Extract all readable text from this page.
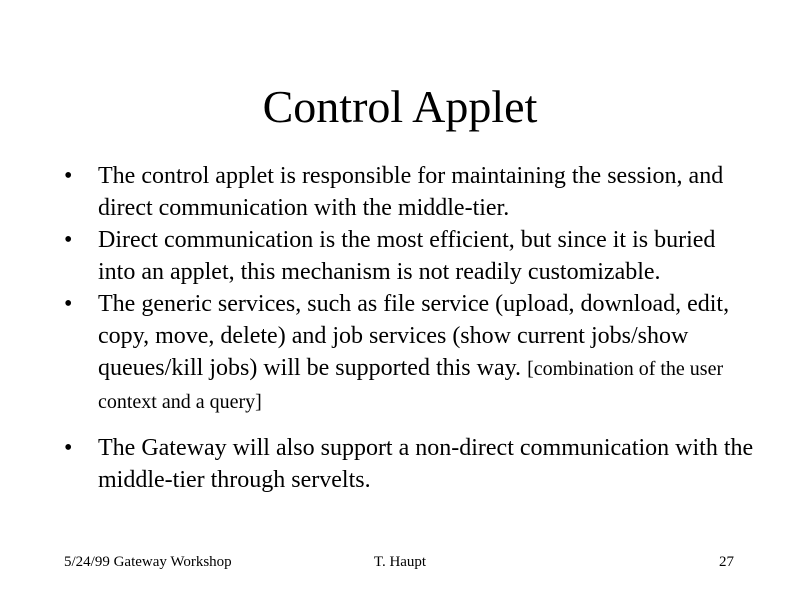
Control Applet
•	The control applet is responsible for maintaining the session, and direct communication with the middle-tier.
•	Direct communication is the most efficient, but since it is buried into an applet, this mechanism is not readily customizable.
•	The generic services, such as file service (upload, download, edit, copy, move, delete) and job services (show current jobs/show queues/kill jobs) will be supported this way. [combination of the user context and a query]
•	The Gateway will also support a non-direct communication with the middle-tier through servelts.
5/24/99 Gateway Workshop	T. Haupt	27
